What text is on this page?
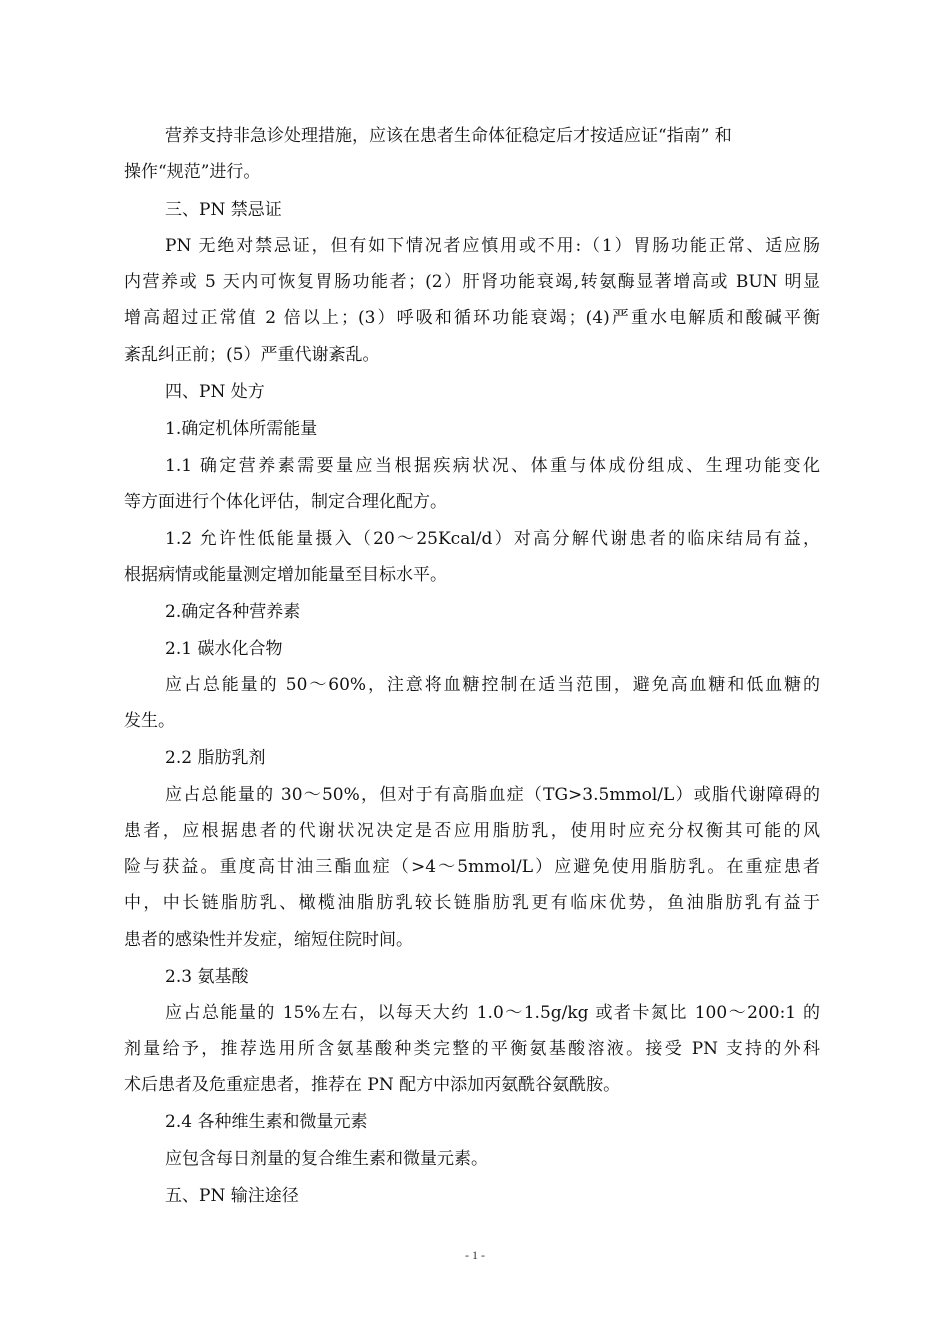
营养支持非急诊处理措施，应该在患者生命体征稳定后才按适应证“指南” 和
操作“规范”进行。
三、PN 禁忌证
PN 无绝对禁忌证，但有如下情况者应慎用或不用:（1）胃肠功能正常、适应肠
内营养或 5 天内可恢复胃肠功能者；(2）肝肾功能衰竭,转氨酶显著增高或 BUN 明显
增高超过正常值 2 倍以上；(3）呼吸和循环功能衰竭；(4)严重水电解质和酸碱平衡
紊乱纠正前；(5）严重代谢紊乱。
四、PN 处方
1.确定机体所需能量
1.1 确定营养素需要量应当根据疾病状况、体重与体成份组成、生理功能变化
等方面进行个体化评估，制定合理化配方。
1.2 允许性低能量摄入（20～25Kcal/d）对高分解代谢患者的临床结局有益，
根据病情或能量测定增加能量至目标水平。
2.确定各种营养素
2.1 碳水化合物
应占总能量的 50～60%，注意将血糖控制在适当范围，避免高血糖和低血糖的
发生。
2.2 脂肪乳剂
应占总能量的 30～50%，但对于有高脂血症（TG>3.5mmol/L）或脂代谢障碍的
患者，应根据患者的代谢状况决定是否应用脂肪乳，使用时应充分权衡其可能的风
险与获益。重度高甘油三酯血症（>4～5mmol/L）应避免使用脂肪乳。在重症患者
中，中长链脂肪乳、橄榄油脂肪乳较长链脂肪乳更有临床优势，鱼油脂肪乳有益于
患者的感染性并发症，缩短住院时间。
2.3 氨基酸
应占总能量的 15%左右，以每天大约 1.0～1.5g/kg 或者卡氮比 100～200:1 的
剂量给予，推荐选用所含氨基酸种类完整的平衡氨基酸溶液。接受 PN 支持的外科
术后患者及危重症患者，推荐在 PN 配方中添加丙氨酰谷氨酰胺。
2.4 各种维生素和微量元素
应包含每日剂量的复合维生素和微量元素。
五、PN 输注途径
- 1 -
